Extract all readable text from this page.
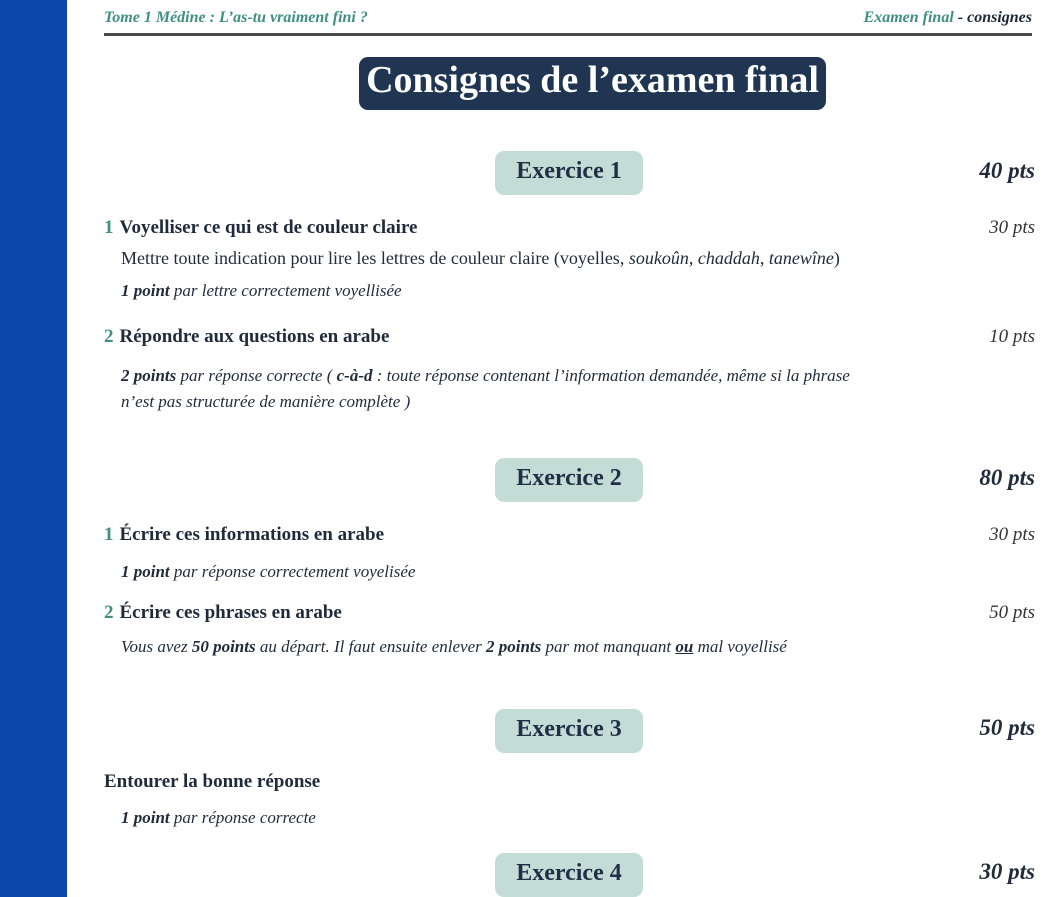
Tome 1 Médine : L’as-tu vraiment fini ?	Examen final - consignes
Consignes de l’examen final
Exercice 1	40 pts
1 Voyelliser ce qui est de couleur claire	30 pts
Mettre toute indication pour lire les lettres de couleur claire (voyelles, soukoûn, chaddah, tanewîne)
1 point par lettre correctement voyellisée
2 Répondre aux questions en arabe	10 pts
2 points par réponse correcte ( c-à-d : toute réponse contenant l’information demandée, même si la phrase
n’est pas structurée de manière complète )
Exercice 2	80 pts
1 Écrire ces informations en arabe	30 pts
1 point par réponse correctement voyelisée
2 Écrire ces phrases en arabe	50 pts
Vous avez 50 points au départ. Il faut ensuite enlever 2 points par mot manquant ou mal voyellisé
Exercice 3	50 pts
Entourer la bonne réponse
1 point par réponse correcte
Exercice 4	30 pts
